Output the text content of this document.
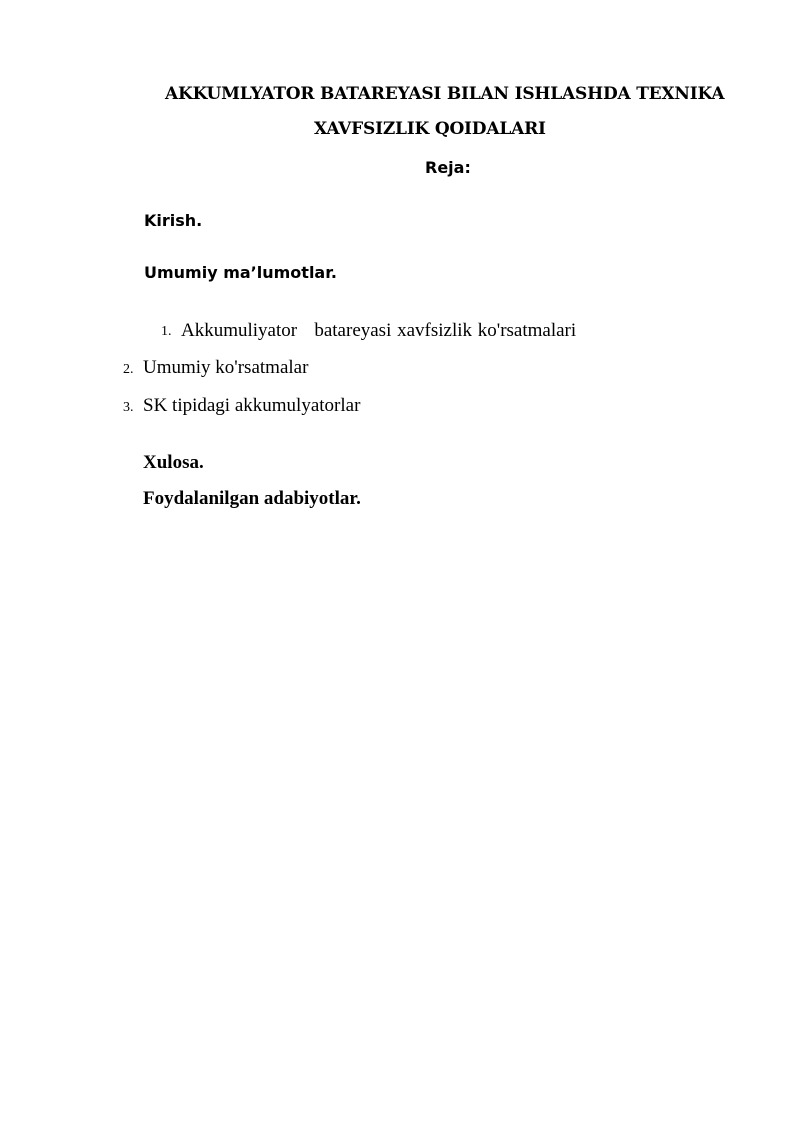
AKKUMLYATOR BATAREYASI BILAN ISHLASHDA TEXNIKA
XAVFSIZLIK QOIDALARI
Reja:
Kirish.
Umumiy ma’lumotlar.
1. Akkumuliyator   batareyasi xavfsizlik ko'rsatmalari
2. Umumiy ko'rsatmalar
3. SK tipidagi akkumulyatorlar
Xulosa.
Foydalanilgan adabiyotlar.
